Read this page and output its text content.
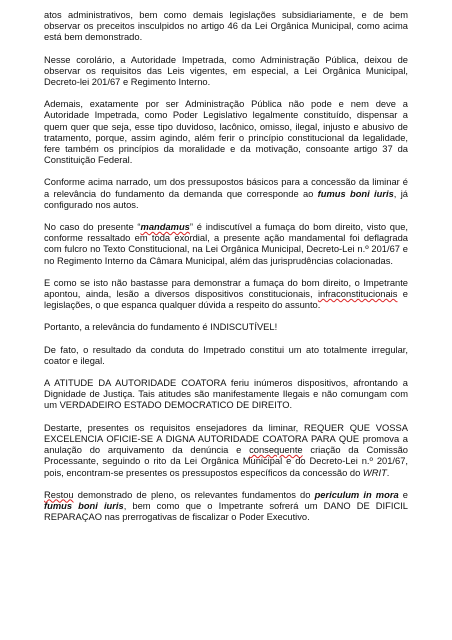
atos administrativos, bem como demais legislações subsidiariamente, e de bem observar os preceitos insculpidos no artigo 46 da Lei Orgânica Municipal, como acima está bem demonstrado.

Nesse corolário, a Autoridade Impetrada, como Administração Pública, deixou de observar os requisitos das Leis vigentes, em especial, a Lei Orgânica Municipal, Decreto-lei 201/67 e Regimento Interno.

Ademais, exatamente por ser Administração Pública não pode e nem deve a Autoridade Impetrada, como Poder Legislativo legalmente constituído, dispensar a quem quer que seja, esse tipo duvidoso, lacônico, omisso, ilegal, injusto e abusivo de tratamento, porque, assim agindo, além ferir o princípio constitucional da legalidade, fere também os princípios da moralidade e da motivação, consoante artigo 37 da Constituição Federal.

Conforme acima narrado, um dos pressupostos básicos para a concessão da liminar é a relevância do fundamento da demanda que corresponde ao fumus boni iuris, já configurado nos autos.

No caso do presente “mandamus” é indiscutível a fumaça do bom direito, visto que, conforme ressaltado em toda exordial, a presente ação mandamental foi deflagrada com fulcro no Texto Constitucional, na Lei Orgânica Municipal, Decreto-Lei n.º 201/67 e no Regimento Interno da Câmara Municipal, além das jurisprudências colacionadas.

E como se isto não bastasse para demonstrar a fumaça do bom direito, o Impetrante apontou, ainda, lesão a diversos dispositivos constitucionais, infraconstitucionais e legislações, o que espanca qualquer dúvida a respeito do assunto.

Portanto, a relevância do fundamento é INDISCUTÍVEL!

De fato, o resultado da conduta do Impetrado constitui um ato totalmente irregular, coator e ilegal.

A ATITUDE DA AUTORIDADE COATORA feriu inúmeros dispositivos, afrontando a Dignidade de Justiça. Tais atitudes são manifestamente Ilegais e não comungam com um VERDADEIRO ESTADO DEMOCRATICO DE DIREITO.

Destarte, presentes os requisitos ensejadores da liminar, REQUER QUE VOSSA EXCELENCIA OFICIE-SE A DIGNA AUTORIDADE COATORA PARA QUE promova a anulação do arquivamento da denúncia e consequente criação da Comissão Processante, seguindo o rito da Lei Orgânica Municipal e do Decreto-Lei n.º 201/67, pois, encontram-se presentes os pressupostos específicos da concessão do WRIT.

Restou demonstrado de pleno, os relevantes fundamentos do periculum in mora e fumus boni iuris, bem como que o Impetrante sofrerá um DANO DE DIFICIL REPARAÇAO nas prerrogativas de fiscalizar o Poder Executivo.
